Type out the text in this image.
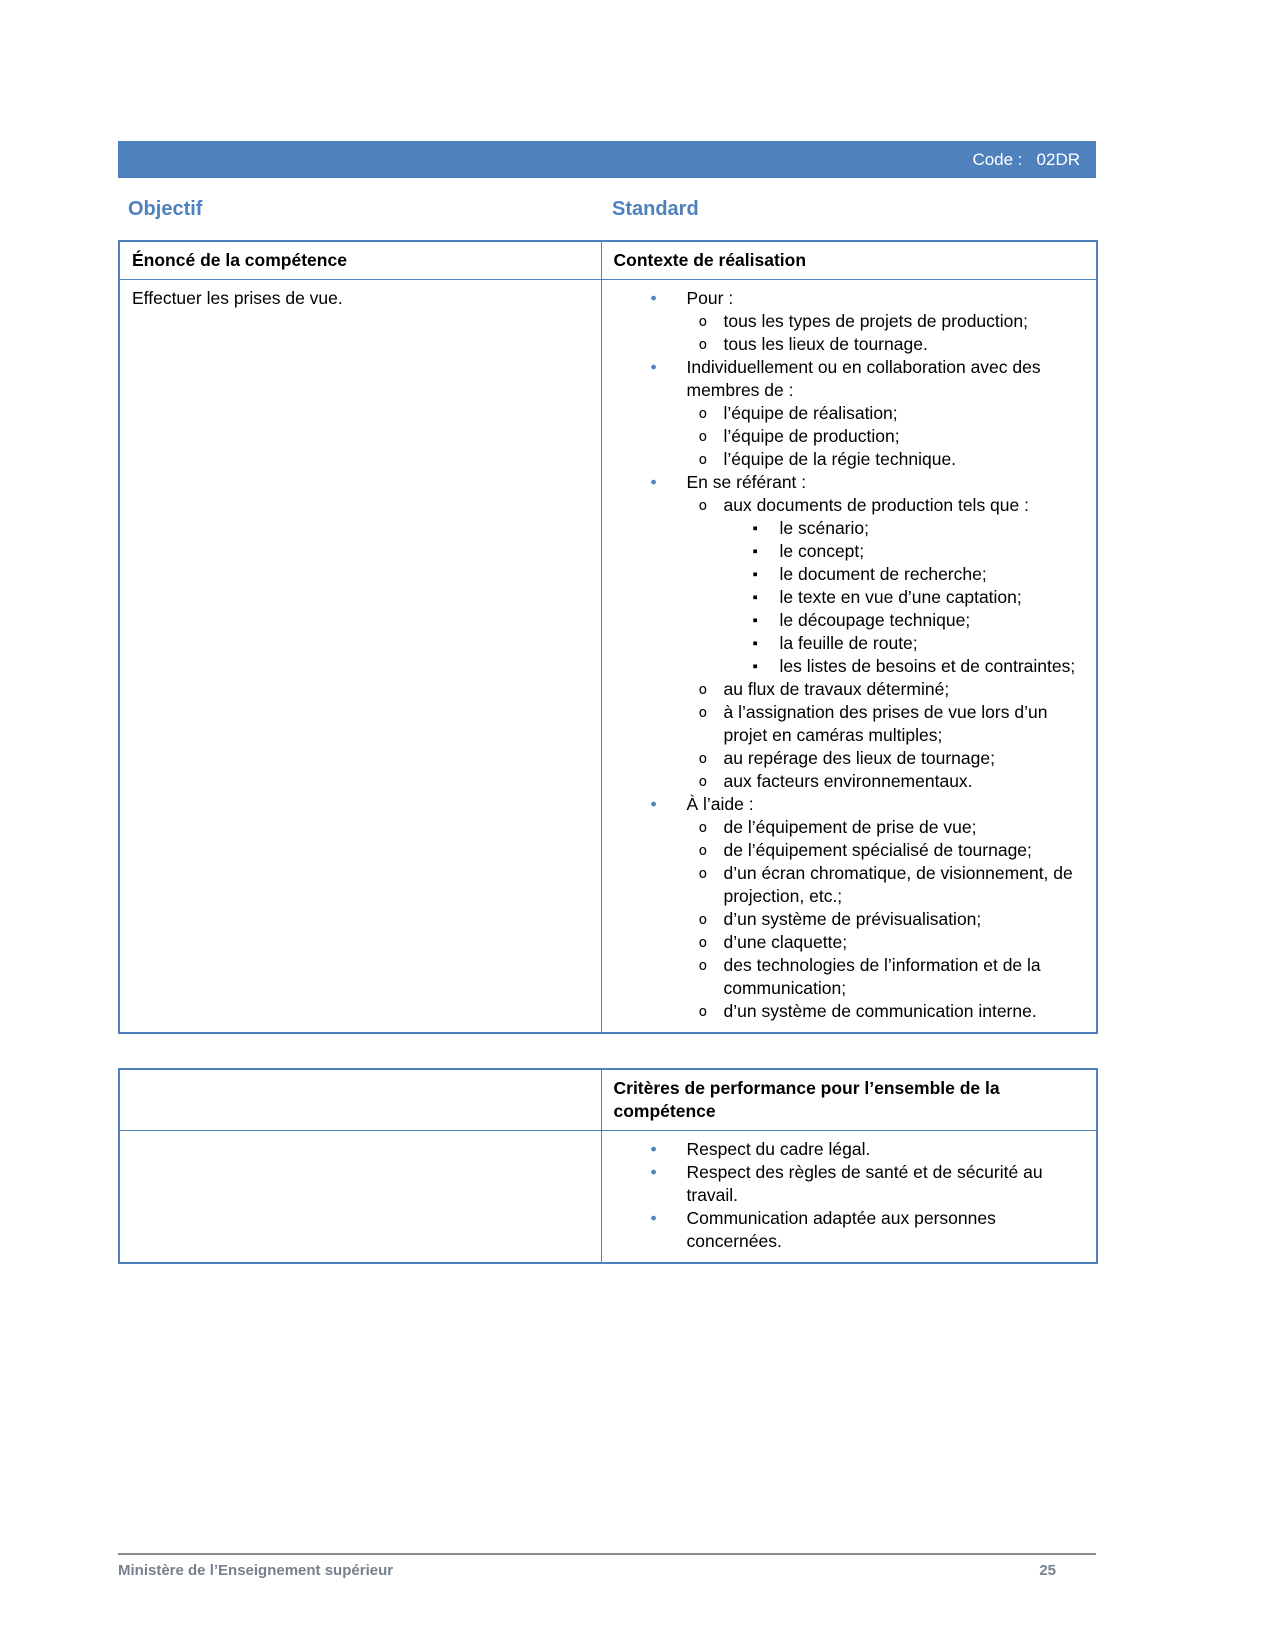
Code : 02DR
Objectif	Standard
Énoncé de la compétence	Contexte de réalisation

Effectuer les prises de vue.	• Pour :
o tous les types de projets de production;
o tous les lieux de tournage.
• Individuellement ou en collaboration avec des membres de :
o l’équipe de réalisation;
o l’équipe de production;
o l’équipe de la régie technique.
• En se référant :
o aux documents de production tels que :
▪ le scénario;
▪ le concept;
▪ le document de recherche;
▪ le texte en vue d’une captation;
▪ le découpage technique;
▪ la feuille de route;
▪ les listes de besoins et de contraintes;
o au flux de travaux déterminé;
o à l’assignation des prises de vue lors d’un projet en caméras multiples;
o au repérage des lieux de tournage;
o aux facteurs environnementaux.
• À l’aide :
o de l’équipement de prise de vue;
o de l’équipement spécialisé de tournage;
o d’un écran chromatique, de visionnement, de projection, etc.;
o d’un système de prévisualisation;
o d’une claquette;
o des technologies de l’information et de la communication;
o d’un système de communication interne.
	Critères de performance pour l’ensemble de la compétence

• Respect du cadre légal.
• Respect des règles de santé et de sécurité au travail.
• Communication adaptée aux personnes concernées.
Ministère de l’Enseignement supérieur	25
